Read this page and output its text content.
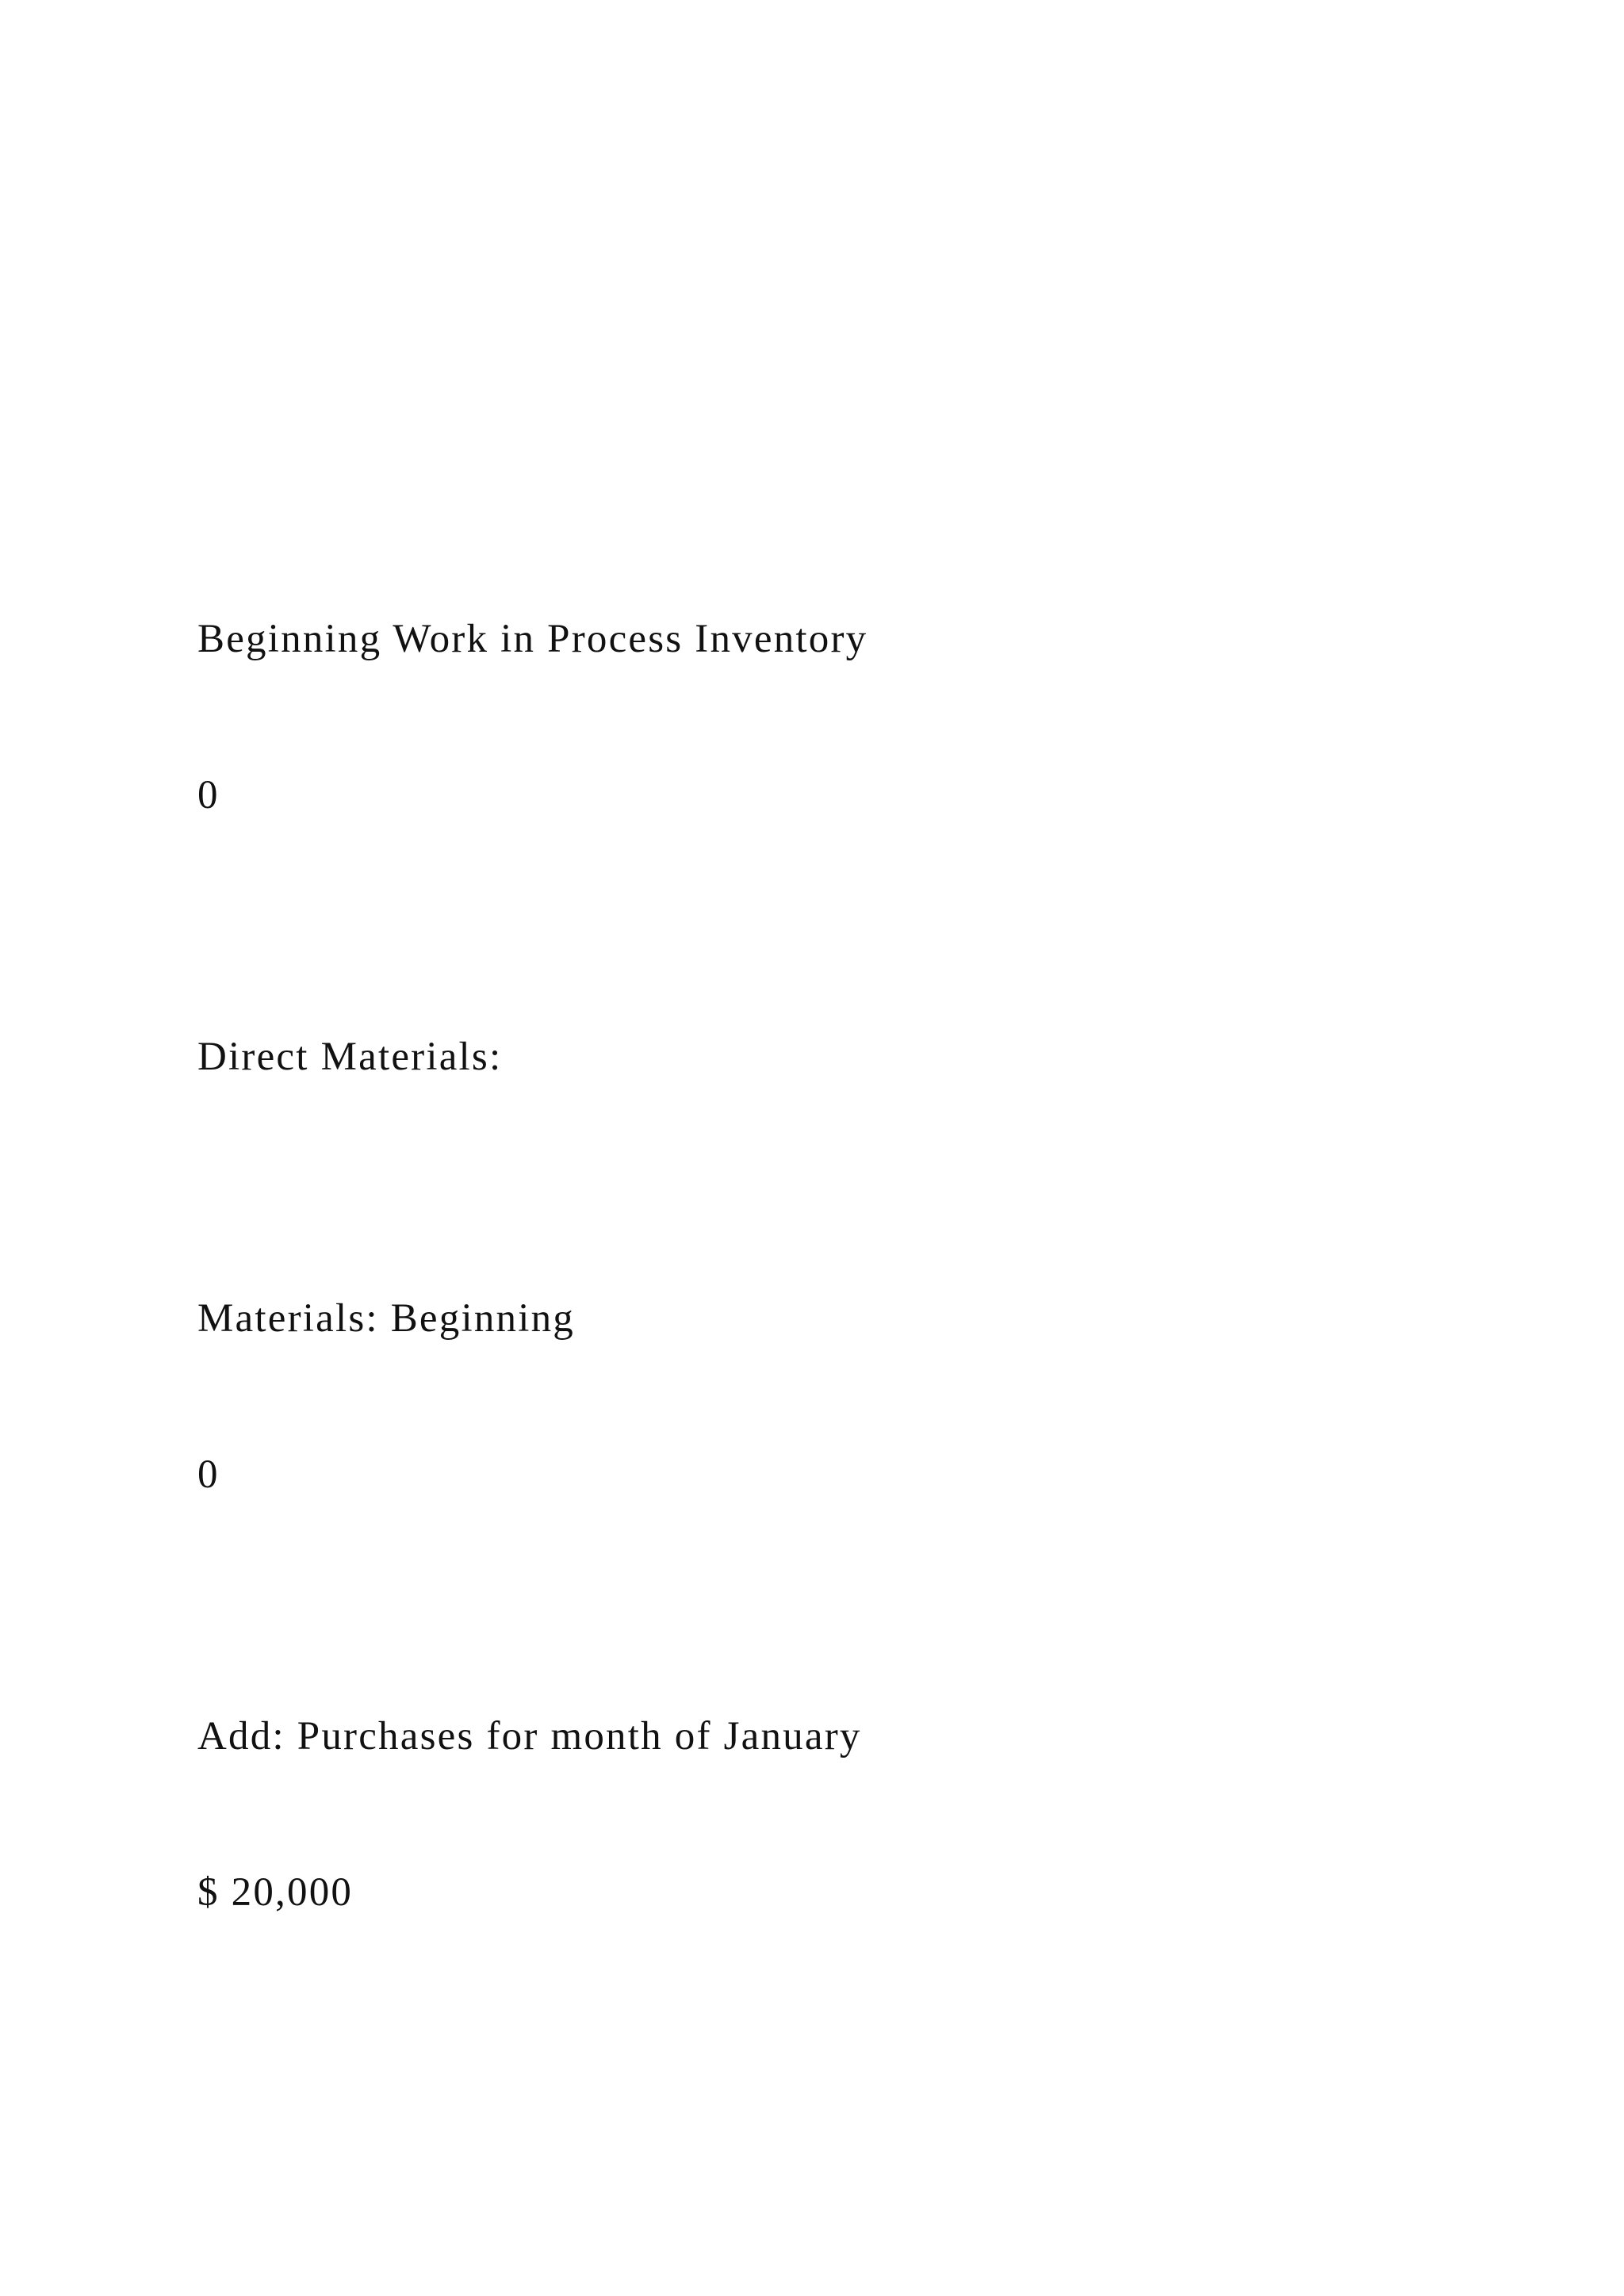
Beginning Work in Process Inventory

0

Direct Materials:

Materials: Beginning

0

Add: Purchases for month of January

$ 20,000
